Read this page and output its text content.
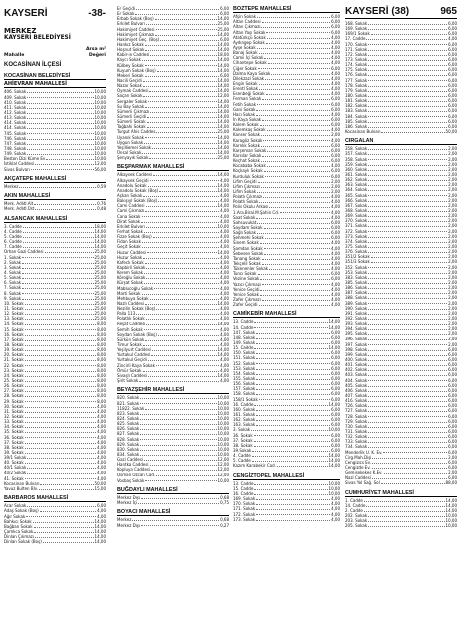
KAYSERİ	-38-
MERKEZ
KAYSERİ BELEDİYESİ
Mahalle
Arsa m²
Değeri
KOCASİNAN İLÇESİ
KOCASİNAN BELEDİYESİ
AHİEVRAN MAHALLESİ
406. Sokak	10,00
409. Sokak	10,00
410. Sokak	10,00
411. Sokak	10,00
412. Sokak	10,00
413. Sokak	10,00
414. Sokak	10,00
414. Sokak	10,00
745. Sokak	10,00
746. Sokak	10,00
747. Sokak	10,00
748. Sokak	10,00
749. Sokak	10,00
Beston Dizi Küme Ev	10,00
İstiklal Caddesi	12,00
Sivas Bulvarı	56,00
AKÇATEPE MAHALLESİ
Merkez	0,59
AKIN MAHALLESİ
Merk. Adlıtl.Alt	0,76
Merk. Adlıtl.Üst	0,48
ALSANCAK MAHALLESİ
3. Cadde	18,00
4. Cadde	14,00
5. Cadde	14,00
6. Cadde	14,00
7. Cadde	14,00
Orhan Gazi Caddesi	25,00
1. Sokak	25,00
2. Sokak	25,00
3. Sokak	25,00
4. Sokak	25,00
5. Sokak	25,00
6. Sokak	25,00
7. Sokak	25,00
8. Sokak	25,00
9. Sokak	25,00
10. Sokak	25,00
11. Sokak	25,00
12. Sokak	25,00
13. Sokak	25,00
14. Sokak	8,00
15. Sokak	8,00
16. Sokak	8,00
17. Sokak	8,00
18. Sokak	8,00
19. Sokak	8,00
20. Sokak	8,00
21. Sokak	8,00
22. Sokak	8,00
23. Sokak	8,00
24. Sokak	8,00
25. Sokak	8,00
26. Sokak	8,00
27. Sokak	8,00
28. Sokak	8,00
29. Sokak	8,00
30. Sokak	4,00
31. Sokak	4,00
32. Sokak	4,00
33. Sokak	4,00
34. Sokak	4,00
35. Sokak	4,00
36. Sokak	4,00
37. Sokak	4,00
38. Sokak	4,00
39. Sokak	4,00
39/1 Sokak	4,00
40. Sokak	4,00
40/1 Sokak	4,00
40/2 Sokak	4,00
41. Sokak	4,00
Kocasinan Bulvarı	50,00
Yavuz Bulten Blv.	15,00
BARBAROS MAHALLESİ
Acar Sokak	6,00
Adaş Sokak (Boş)	4,00
Ağır Sokak	4,00
Bahkıcı Sokak	14,00
Bağban Sokak	14,00
Çamlıca Sokak	14,00
Dinlan Çıkmazı	14,00
Dinlan Sokak (Boş)	14,00
Er Geçidi	6,00
Er Sokak	6,00
Erbab Sokak (Boş)	14,00
Erkilet Bulvarı	25,00
Hakimiyet Caddesi	25,00
Hakimiyet Çıkmazı	14,00
Hakimiyet Geç. (Boş)	6,00
Hankız Sokak	14,00
Hoşnut Sokak	14,00
Kabir-ın Caddesi	18,00
Kaycı Sokak	14,00
Külbey Sokak	14,00
Kuyum Sokak (Boş)	14,00
Mekeri Sokak	6,00
Nacili Geçidi	14,00
Nazar Sokak	14,00
Oymak Caddesi	14,00
Saçan Sokak	12,00
Sergaler Sokak	14,00
Su Bay Sokak	14,00
Sümerli Çıkmazı	14,00
Sümerli Geçidi	14,00
Sümerli Sokak	14,00
Tağbahi Sokak	14,00
Turgut Ahis Caddes	25,00
Uyanık Sokak	14,00
Uygun Sokak	14,00
Yeşilliemel Sokak	14,00
Ünsal Sokak	14,00
Şenyayık Sokak	25,00
BEŞPARMAK MAHALLESİ
Alkaysek Caddesi	14,00
Alkaysek Geçidi	4,00
Anadolu Sokak	14,00
Anadolu Sokak (Boş)	14,00
Aşkan Sokak	4,00
Bakışıyl Sokak (Boş)	4,00
Cami Caddesi	14,00
Cami Çıkmazı	4,00
Cana Sokak	4,00
Dirat Sokak	4,00
Erkilet Bulvarı	10,00
Ferhat Sokak	4,00
Fizze Sokak (Boş)	4,00
Fidan Sokak	4,00
Geçit Sokak	4,00
Huzur Caddesi	14,00
Huzur Sokak	4,00
Kafeck Sokak	4,00
Kapbirli Sokak	4,00
Kerem Sokak	4,00
Köroğlu Sokak	4,00
Kürşat Sokak	4,00
Mablucoğlu Sokak	4,00
Marti Sokak	4,00
Mehbuya Sokak	4,00
Nazlı Caddesi	14,00
Nezilin Sokak (Boş)	4,00
Palla 113	4,00
Polatlık Sokak	4,00
Reşat Caddesi	14,00
Semih Sokak	4,00
Soydan Sokak (Boş)	4,00
Sürkün Sokak	4,00
Timur Sokak	4,00
Yeşilyurt Caddesi	14,00
Yurtakul Caddesi	14,00
Yurtakul Geçidi	4,00
Zincirli Kaya Sokak	4,00
Ömür Sokak	4,00
Sivaşlı Caddesi	14,00
Şirit Sokak	4,00
BEYAZŞEHİR MAHALLESİ
820. Sokak	10,00
821. Sokak	10,00
11822. Sokak	10,00
823. Sokak	10,00
824. Sokak	10,00
825. Sokak	10,00
826. Sokak	10,00
827. Sokak	10,00
828. Sokak	10,00
829. Sokak	10,00
830. Sokak	10,00
834. Sokak	10,00
Gazi Caddesi	12,00
Hantka Caddesi	12,00
Kopluya Caddesi	12,00
Osman Özcan Cad.	12,00
Vosbaş Sokak	10,00
BUĞDAYLI MAHALLESİ
Merkez Dışı	0,68
Merkez İçi	0,75
BOYACI MAHALLESİ
Merkez	0,68
Merkez Dışı	0,27
BOZTEPE MAHALLESİ
Afşin Sokak	6,00
Altan Caddesi	6,00
Altan Çıkmazı	6,00
Altan Yaşı Sokak	6,00
Atatürkçü Sokak	4,00
Aydıngep Sokak	4,00
Ayşe Sokak	4,00
Banaj Sokak	4,00
Camii İçi Sokak	4,00
Cihantepe Sokak	4,00
Çiğer Sokak	6,00
Dalma Kaya Sokak	4,00
Dilekzazi Sokak	4,00
Engin Sokak	4,00
Erentl Sokak	4,00
Esenbeği Sokak	4,00
Ferman Sokak	6,00
Fetih Sokak	6,00
Gani Sokak	6,00
Hacı Sokak	4,00
İn Kaya Sokak	6,00
Kalem Sokak	6,00
Kalemkaş Sokak	4,00
Kanser Sokak	2,00
Karagöz Sokak	4,00
Karnlık Sokak	6,00
Karşeman Sokak	6,00
Karsılar Sokak	6,00
Keçhat Sokak	6,00
Kocababa Sokak	4,00
Koçkaylı Sokak	6,00
Kurduluk Sokak	6,00
Lifim Geçidi	2,00
Lifim Çıkmazı	2,00
Lifim Sokak	2,00
Polatlı Çıkmazı	4,00
Polatlı Sokak	4,00
Polis Okulu Arkası	4,00
1.Ara.Biral.M.Şahin Cd.	4,00
Saat Sokak	4,00
Sahsuvukat	6,00
Saydam Sokak	6,00
Sağlı Sokak	6,00
Şehmehi Sokak	6,00
Sinem Sokak	4,00
Şamdan Sokak	4,00
Sebesen Sokak	4,00
Tanang Sokak	4,00
Tekçelil Sokak	4,00
Tükenenler Sokak	4,00
Tuncı Sokak	6,00
Vezine Sokak	6,00
Yazıcı Çıkmazı	4,00
Yenice Geçidi	4,00
Yenice Sokak	4,00
Zafer Çıkmazı	4,00
Zafer Geçidi	4,00
CAMİKEBİR MAHALLESİ
13. Cadde	14,00
14. Cadde	14,00
147. Sokak	6,00
148. Sokak	6,00
149. Sokak	6,00
15. Cadde	14,00
150. Sokak	6,00
151. Sokak	6,00
152. Sokak	6,00
153. Sokak	6,00
154. Sokak	6,00
155. Sokak	6,00
156. Sokak	6,00
157. Sokak	6,00
158. Sokak	6,00
158/1 Sokak	6,00
16. Cadde	14,00
160. Sokak	6,00
161. Sokak	6,00
162. Sokak	6,00
163. Sokak	6,00
3. Sokak	10,00
36. Sokak	6,00
37. Sokak	6,00
38. Sokak	6,00
39.Sokak	6,00
4. Cadde	14,00
5. Cadde	14,00
Kazım Karabekir Cad.	14,00
CENGİZTOPEL MAHALLESİ
13. Cadde	10,00
15. Cadde	10,00
16. Cadde	10,00
169. Sokak	4,00
170. Sokak	4,00
171. Sokak	4,00
172. Sokak	4,00
173. Sokak	4,00
KAYSERİ (38)	965
168. Sokak	6,00
169. Sokak	6,00
169/1 Sokak	6,00
17. Cadde	4,00
170. Sokak	6,00
171. Sokak	6,00
172. Sokak	6,00
173. Sokak	6,00
174. Sokak	6,00
175. Sokak	6,00
176. Sokak	6,00
177. Sokak	6,00
178. Sokak	6,00
179. Sokak	6,00
180. Sokak	6,00
181. Sokak	6,00
182. Sokak	6,00
183. Sokak	6,00
184. Sokak	6,00
185. Sokak	6,00
186. Sokak	6,00
Kocasinan Bulvarı	50,00
CIRGALAN
358. Sokak	2,00
357. Sokak	2,00
358. Sokak	2,00
359. Sokak	2,00
360. Sokak	2,00
361. Sokak	2,00
362. Sokak	2,00
363. Sokak	2,00
364. Sokak	2,00
365. Sokak	2,00
366. Sokak	2,00
367. Sokak	2,00
368. Sokak	2,00
369. Sokak	2,00
370. Sokak	2,00
371. Sokak	2,00
372. Sokak	2,00
373. Sokak	2,00
374. Sokak	2,00
375. Sokak	2,00
376. Sokak	2,00
351/2 Sokak	2,00
351/3 Sokak	2,00
352. Sokak	2,00
353. Sokak	2,00
383. Sokak	2,00
385. Sokak	2,00
386. Sokak	2,00
387. Sokak	2,00
388. Sokak	2,00
389. Sokak	2,00
390. Sokak	2,00
391. Sokak	2,00
392. Sokak	2,00
393. Sokak	2,00
394. Sokak	2,00
395. Sokak	2,00
396. Sokak	2,00
397. Sokak	2,00
398. Sokak	6,00
399. Sokak	6,00
400. Sokak	6,00
401. Sokak	6,00
402. Sokak	6,00
403. Sokak	6,00
404. Sokak	6,00
405. Sokak	6,00
406. Sokak	6,00
407. Sokak	6,00
416. Sokak	6,00
726. Sokak	6,00
727. Sokak	6,00
728. Sokak	6,00
729. Sokak	6,00
730. Sokak	6,00
731. Sokak	6,00
732. Sokak	6,00
733. Sokak	6,00
734. Sokak	6,00
Menderlik U. K. Ev.	6,00
Cirg.Mah.Dişi	2,00
Cengizıcs Ev.	6,00
Cengizde Ev.	6,00
Gemisekekes K.Ev.	2,00
Nazi Caddesi	6,00
Sivas Yol Sağ. Sol	88,00
CUMHURİYET MAHALLESİ
1. Cadde	14,00
14. Cadde	14,00
2. Cadde	14,00
202. Sokak	10,00
203. Sokak	10,00
205. Sokak	10,00
